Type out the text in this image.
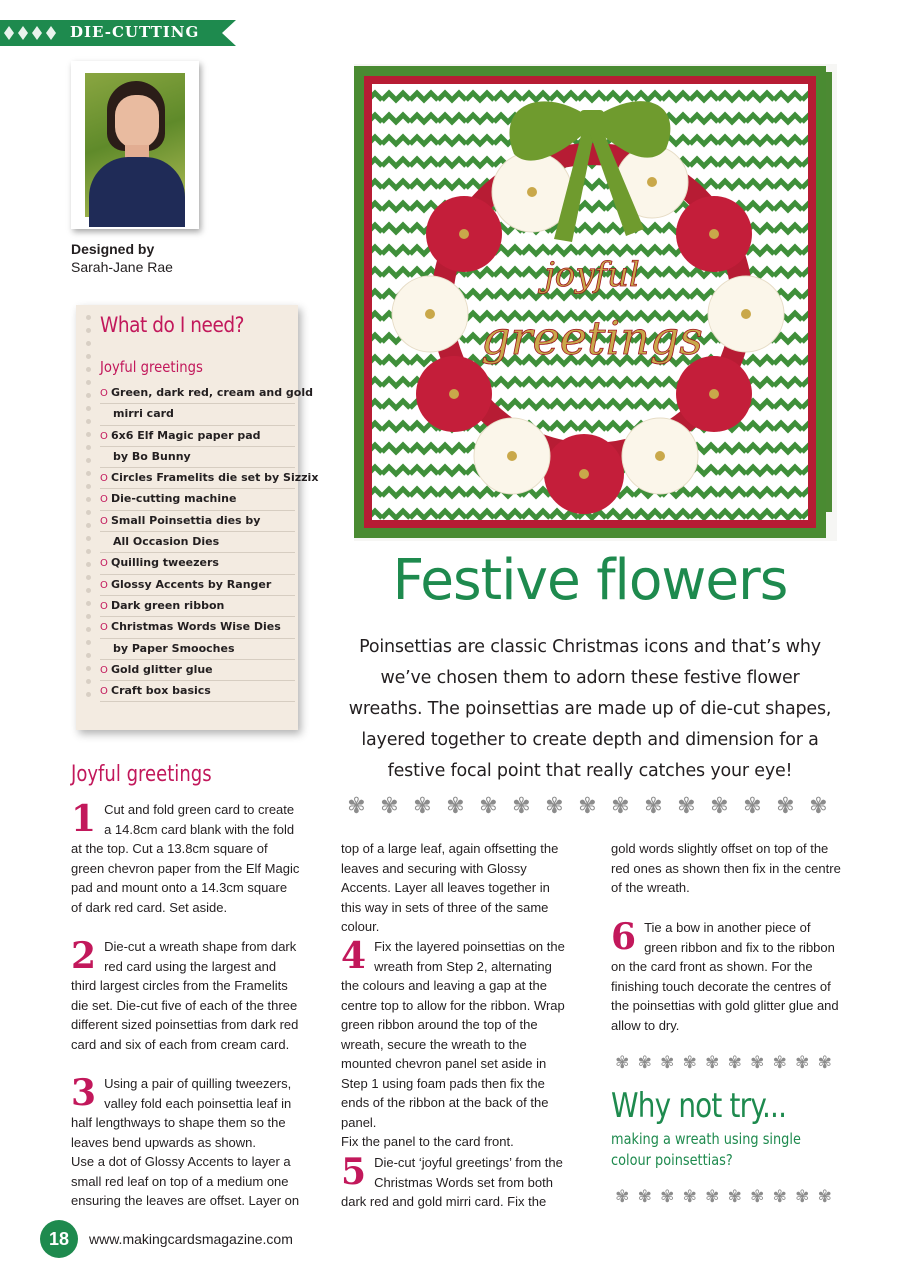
DIE-CUTTING
Designed by
Sarah-Jane Rae
What do I need?
Joyful greetings
O Green, dark red, cream and gold
mirri card
O 6x6 Elf Magic paper pad
by Bo Bunny
O Circles Framelits die set by Sizzix
O Die-cutting machine
O Small Poinsettia dies by
All Occasion Dies
O Quilling tweezers
O Glossy Accents by Ranger
O Dark green ribbon
O Christmas Words Wise Dies
by Paper Smooches
O Gold glitter glue
O Craft box basics
joyful
greetings
Festive flowers
Poinsettias are classic Christmas icons and that’s why we’ve chosen them to adorn these festive flower wreaths. The poinsettias are made up of die-cut shapes, layered together to create depth and dimension for a festive focal point that really catches your eye!
✾ ✾ ✾ ✾ ✾ ✾ ✾ ✾ ✾ ✾ ✾ ✾ ✾ ✾ ✾
Joyful greetings
1 Cut and fold green card to create a 14.8cm card blank with the fold at the top. Cut a 13.8cm square of green chevron paper from the Elf Magic pad and mount onto a 14.3cm square of dark red card. Set aside.
2 Die-cut a wreath shape from dark red card using the largest and third largest circles from the Framelits die set. Die-cut five of each of the three different sized poinsettias from dark red card and six of each from cream card.
3 Using a pair of quilling tweezers, valley fold each poinsettia leaf in half lengthways to shape them so the leaves bend upwards as shown.
Use a dot of Glossy Accents to layer a small red leaf on top of a medium one ensuring the leaves are offset. Layer on
top of a large leaf, again offsetting the leaves and securing with Glossy Accents. Layer all leaves together in this way in sets of three of the same colour.
4 Fix the layered poinsettias on the wreath from Step 2, alternating the colours and leaving a gap at the centre top to allow for the ribbon. Wrap green ribbon around the top of the wreath, secure the wreath to the mounted chevron panel set aside in Step 1 using foam pads then fix the ends of the ribbon at the back of the panel.
Fix the panel to the card front.
5 Die-cut ‘joyful greetings’ from the Christmas Words set from both dark red and gold mirri card. Fix the
gold words slightly offset on top of the red ones as shown then fix in the centre of the wreath.
6 Tie a bow in another piece of green ribbon and fix to the ribbon on the card front as shown. For the finishing touch decorate the centres of the poinsettias with gold glitter glue and allow to dry.
✾ ✾ ✾ ✾ ✾ ✾ ✾ ✾ ✾ ✾
Why not try...
making a wreath using single colour poinsettias?
✾ ✾ ✾ ✾ ✾ ✾ ✾ ✾ ✾ ✾
18	www.makingcardsmagazine.com
